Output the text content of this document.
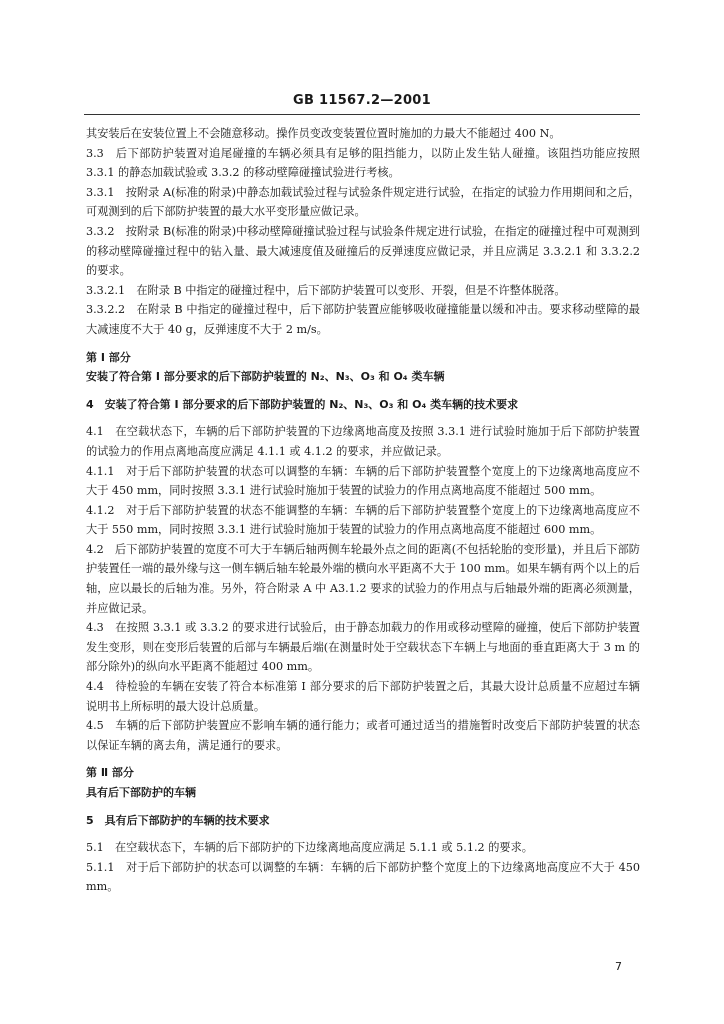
GB 11567.2—2001

其安装后在安装位置上不会随意移动。操作员变改变装置位置时施加的力最大不能超过 400 N。

3.3　后下部防护装置对追尾碰撞的车辆必须具有足够的阻挡能力，以防止发生钻人碰撞。该阻挡功能应按照 3.3.1 的静态加载试验或 3.3.2 的移动壁障碰撞试验进行考核。

3.3.1　按附录 A(标准的附录)中静态加载试验过程与试验条件规定进行试验，在指定的试验力作用期间和之后，可观测到的后下部防护装置的最大水平变形量应做记录。

3.3.2　按附录 B(标准的附录)中移动壁障碰撞试验过程与试验条件规定进行试验，在指定的碰撞过程中可观测到的移动壁障碰撞过程中的钻入量、最大减速度值及碰撞后的反弹速度应做记录，并且应满足 3.3.2.1 和 3.3.2.2 的要求。

3.3.2.1　在附录 B 中指定的碰撞过程中，后下部防护装置可以变形、开裂，但是不许整体脱落。

3.3.2.2　在附录 B 中指定的碰撞过程中，后下部防护装置应能够吸收碰撞能量以缓和冲击。要求移动壁障的最大减速度不大于 40 g，反弹速度不大于 2 m/s。

第 Ⅰ 部分

安装了符合第 Ⅰ 部分要求的后下部防护装置的 N₂、N₃、O₃ 和 O₄ 类车辆

4　安装了符合第 Ⅰ 部分要求的后下部防护装置的 N₂、N₃、O₃ 和 O₄ 类车辆的技术要求

4.1　在空载状态下，车辆的后下部防护装置的下边缘离地高度及按照 3.3.1 进行试验时施加于后下部防护装置的试验力的作用点离地高度应满足 4.1.1 或 4.1.2 的要求，并应做记录。

4.1.1　对于后下部防护装置的状态可以调整的车辆：车辆的后下部防护装置整个宽度上的下边缘离地高度应不大于 450 mm，同时按照 3.3.1 进行试验时施加于装置的试验力的作用点离地高度不能超过 500 mm。

4.1.2　对于后下部防护装置的状态不能调整的车辆：车辆的后下部防护装置整个宽度上的下边缘离地高度应不大于 550 mm，同时按照 3.3.1 进行试验时施加于装置的试验力的作用点离地高度不能超过 600 mm。

4.2　后下部防护装置的宽度不可大于车辆后轴两侧车轮最外点之间的距离(不包括轮胎的变形量)，并且后下部防护装置任一端的最外缘与这一侧车辆后轴车轮最外端的横向水平距离不大于 100 mm。如果车辆有两个以上的后轴，应以最长的后轴为准。另外，符合附录 A 中 A3.1.2 要求的试验力的作用点与后轴最外端的距离必须测量，并应做记录。

4.3　在按照 3.3.1 或 3.3.2 的要求进行试验后，由于静态加载力的作用或移动壁障的碰撞，使后下部防护装置发生变形，则在变形后装置的后部与车辆最后端(在测量时处于空载状态下车辆上与地面的垂直距离大于 3 m 的部分除外)的纵向水平距离不能超过 400 mm。

4.4　待检验的车辆在安装了符合本标准第 Ⅰ 部分要求的后下部防护装置之后，其最大设计总质量不应超过车辆说明书上所标明的最大设计总质量。

4.5　车辆的后下部防护装置应不影响车辆的通行能力；或者可通过适当的措施暂时改变后下部防护装置的状态以保证车辆的离去角，满足通行的要求。

第 Ⅱ 部分

具有后下部防护的车辆

5　具有后下部防护的车辆的技术要求

5.1　在空载状态下，车辆的后下部防护的下边缘离地高度应满足 5.1.1 或 5.1.2 的要求。

5.1.1　对于后下部防护的状态可以调整的车辆：车辆的后下部防护整个宽度上的下边缘离地高度应不大于 450 mm。

7
